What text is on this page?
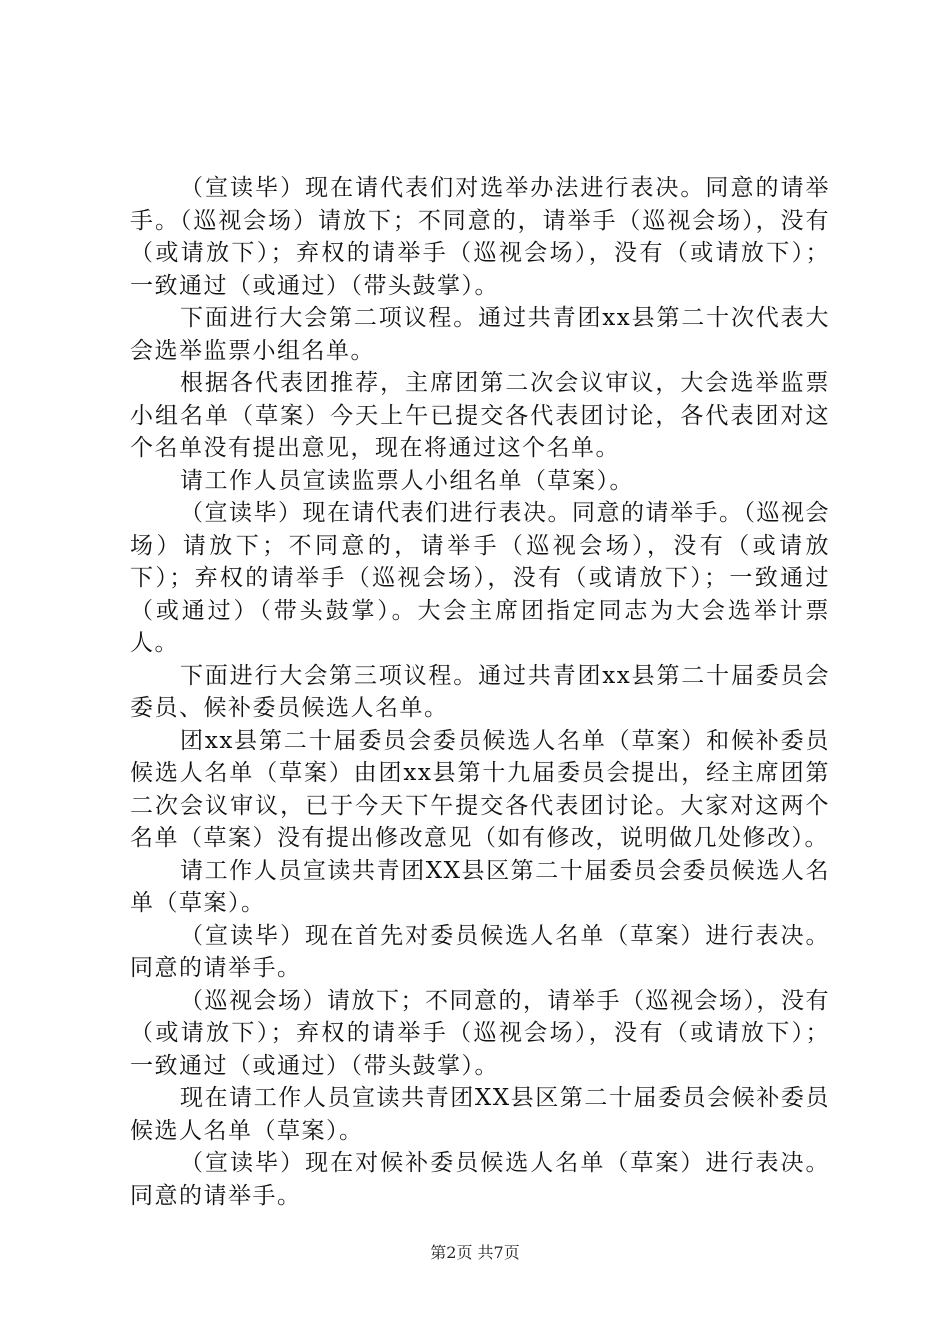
（宣读毕）现在请代表们对选举办法进行表决。同意的请举手。（巡视会场）请放下；不同意的，请举手（巡视会场），没有（或请放下）；弃权的请举手（巡视会场），没有（或请放下）；一致通过（或通过）（带头鼓掌）。

下面进行大会第二项议程。通过共青团xx县第二十次代表大会选举监票小组名单。

根据各代表团推荐，主席团第二次会议审议，大会选举监票小组名单（草案）今天上午已提交各代表团讨论，各代表团对这个名单没有提出意见，现在将通过这个名单。

请工作人员宣读监票人小组名单（草案）。

（宣读毕）现在请代表们进行表决。同意的请举手。（巡视会场）请放下；不同意的，请举手（巡视会场），没有（或请放下）；弃权的请举手（巡视会场），没有（或请放下）；一致通过（或通过）（带头鼓掌）。大会主席团指定同志为大会选举计票人。

下面进行大会第三项议程。通过共青团xx县第二十届委员会委员、候补委员候选人名单。

团xx县第二十届委员会委员候选人名单（草案）和候补委员候选人名单（草案）由团xx县第十九届委员会提出，经主席团第二次会议审议，已于今天下午提交各代表团讨论。大家对这两个名单（草案）没有提出修改意见（如有修改，说明做几处修改）。

请工作人员宣读共青团XX县区第二十届委员会委员候选人名单（草案）。

（宣读毕）现在首先对委员候选人名单（草案）进行表决。同意的请举手。

（巡视会场）请放下；不同意的，请举手（巡视会场），没有（或请放下）；弃权的请举手（巡视会场），没有（或请放下）；一致通过（或通过）（带头鼓掌）。

现在请工作人员宣读共青团XX县区第二十届委员会候补委员候选人名单（草案）。

（宣读毕）现在对候补委员候选人名单（草案）进行表决。同意的请举手。

第2页 共7页
